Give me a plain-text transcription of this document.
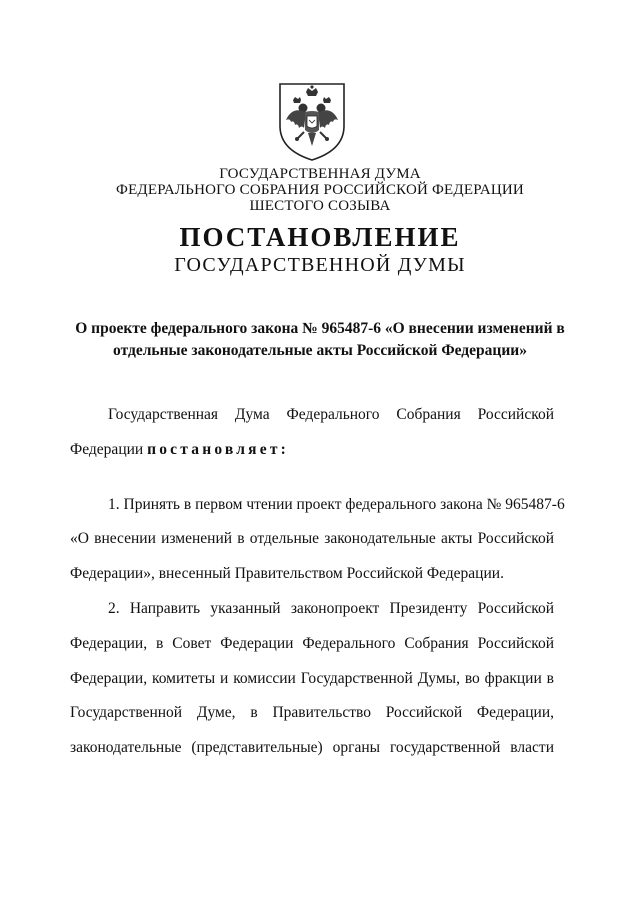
ГОСУДАРСТВЕННАЯ ДУМА
ФЕДЕРАЛЬНОГО СОБРАНИЯ РОССИЙСКОЙ ФЕДЕРАЦИИ
ШЕСТОГО СОЗЫВА
ПОСТАНОВЛЕНИЕ
ГОСУДАРСТВЕННОЙ ДУМЫ
О проекте федерального закона № 965487-6 «О внесении изменений в
отдельные законодательные акты Российской Федерации»
Государственная Дума Федерального Собрания Российской
Федерации постановляет:
1. Принять в первом чтении проект федерального закона № 965487-6
«О внесении изменений в отдельные законодательные акты Российской
Федерации», внесенный Правительством Российской Федерации.
2. Направить указанный законопроект Президенту Российской
Федерации, в Совет Федерации Федерального Собрания Российской
Федерации, комитеты и комиссии Государственной Думы, во фракции в
Государственной Думе, в Правительство Российской Федерации,
законодательные (представительные) органы государственной власти
